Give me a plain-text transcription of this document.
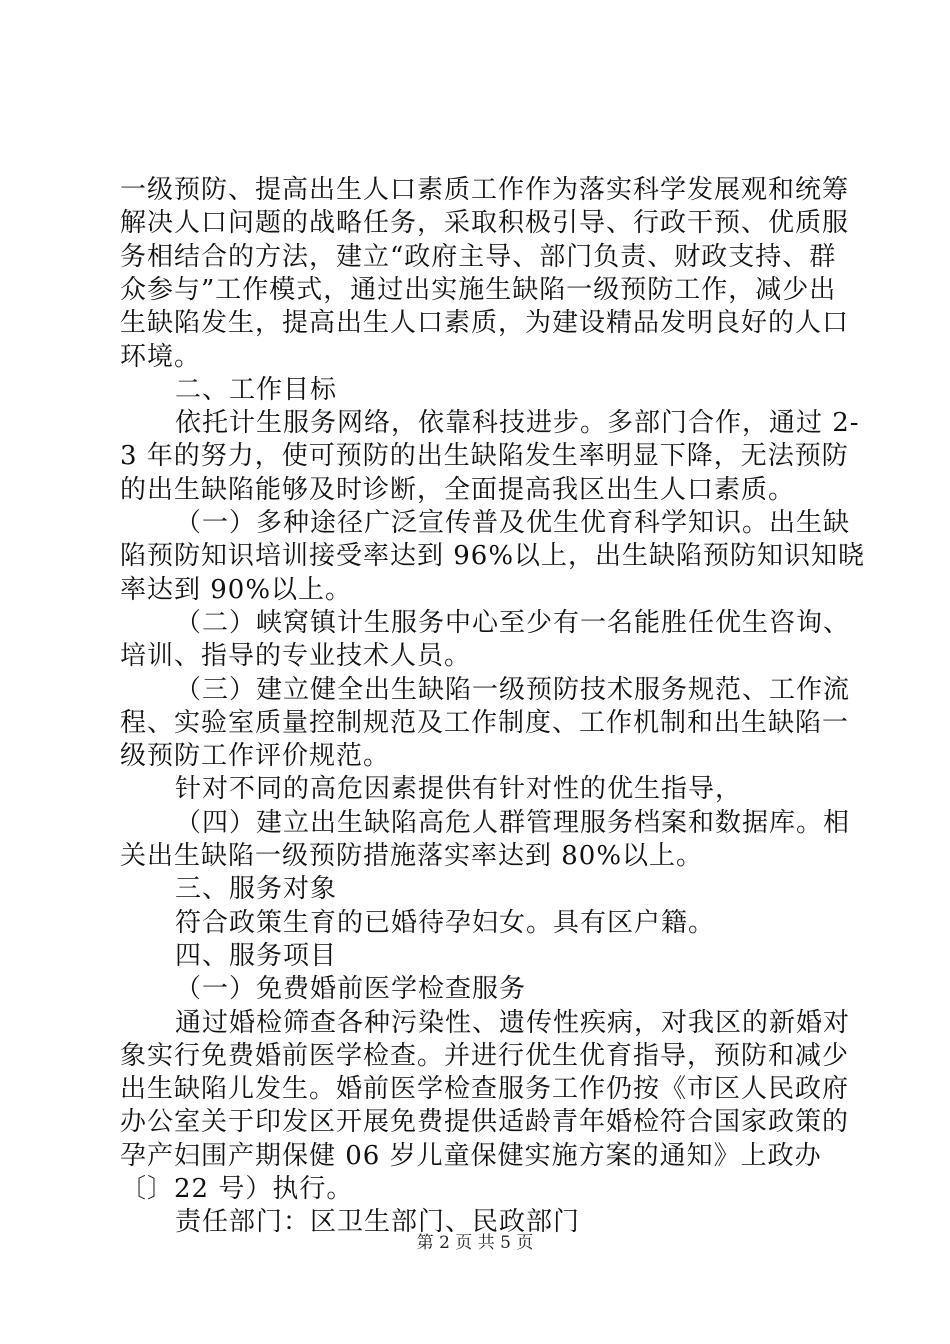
一级预防、提高出生人口素质工作作为落实科学发展观和统筹
解决人口问题的战略任务，采取积极引导、行政干预、优质服
务相结合的方法，建立“政府主导、部门负责、财政支持、群
众参与”工作模式，通过出实施生缺陷一级预防工作，减少出
生缺陷发生，提高出生人口素质，为建设精品发明良好的人口
环境。
二、工作目标
依托计生服务网络，依靠科技进步。多部门合作，通过 2-
3 年的努力，使可预防的出生缺陷发生率明显下降，无法预防
的出生缺陷能够及时诊断，全面提高我区出生人口素质。
（一）多种途径广泛宣传普及优生优育科学知识。出生缺
陷预防知识培训接受率达到 96%以上，出生缺陷预防知识知晓
率达到 90%以上。
（二）峡窝镇计生服务中心至少有一名能胜任优生咨询、
培训、指导的专业技术人员。
（三）建立健全出生缺陷一级预防技术服务规范、工作流
程、实验室质量控制规范及工作制度、工作机制和出生缺陷一
级预防工作评价规范。
针对不同的高危因素提供有针对性的优生指导，
（四）建立出生缺陷高危人群管理服务档案和数据库。相
关出生缺陷一级预防措施落实率达到 80%以上。
三、服务对象
符合政策生育的已婚待孕妇女。具有区户籍。
四、服务项目
（一）免费婚前医学检查服务
通过婚检筛查各种污染性、遗传性疾病，对我区的新婚对
象实行免费婚前医学检查。并进行优生优育指导，预防和减少
出生缺陷儿发生。婚前医学检查服务工作仍按《市区人民政府
办公室关于印发区开展免费提供适龄青年婚检符合国家政策的
孕产妇围产期保健 06 岁儿童保健实施方案的通知》上政办
〔〕22 号）执行。
责任部门：区卫生部门、民政部门
第 2 页 共 5 页
